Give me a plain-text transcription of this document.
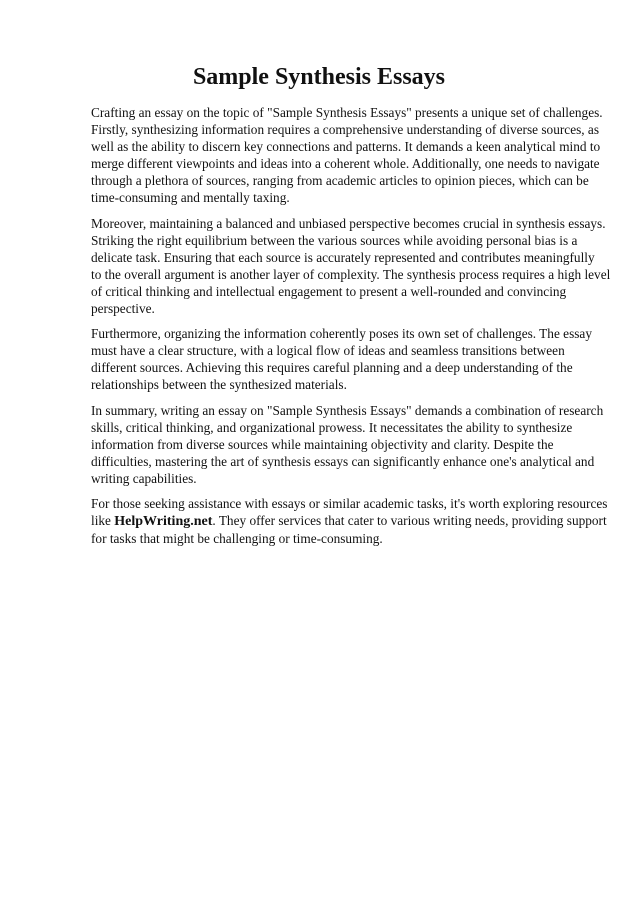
Sample Synthesis Essays

Crafting an essay on the topic of "Sample Synthesis Essays" presents a unique set of challenges.
Firstly, synthesizing information requires a comprehensive understanding of diverse sources, as
well as the ability to discern key connections and patterns. It demands a keen analytical mind to
merge different viewpoints and ideas into a coherent whole. Additionally, one needs to navigate
through a plethora of sources, ranging from academic articles to opinion pieces, which can be
time-consuming and mentally taxing.

Moreover, maintaining a balanced and unbiased perspective becomes crucial in synthesis essays.
Striking the right equilibrium between the various sources while avoiding personal bias is a
delicate task. Ensuring that each source is accurately represented and contributes meaningfully
to the overall argument is another layer of complexity. The synthesis process requires a high level
of critical thinking and intellectual engagement to present a well-rounded and convincing
perspective.

Furthermore, organizing the information coherently poses its own set of challenges. The essay
must have a clear structure, with a logical flow of ideas and seamless transitions between
different sources. Achieving this requires careful planning and a deep understanding of the
relationships between the synthesized materials.

In summary, writing an essay on "Sample Synthesis Essays" demands a combination of research
skills, critical thinking, and organizational prowess. It necessitates the ability to synthesize
information from diverse sources while maintaining objectivity and clarity. Despite the
difficulties, mastering the art of synthesis essays can significantly enhance one's analytical and
writing capabilities.

For those seeking assistance with essays or similar academic tasks, it's worth exploring resources
like HelpWriting.net. They offer services that cater to various writing needs, providing support
for tasks that might be challenging or time-consuming.
